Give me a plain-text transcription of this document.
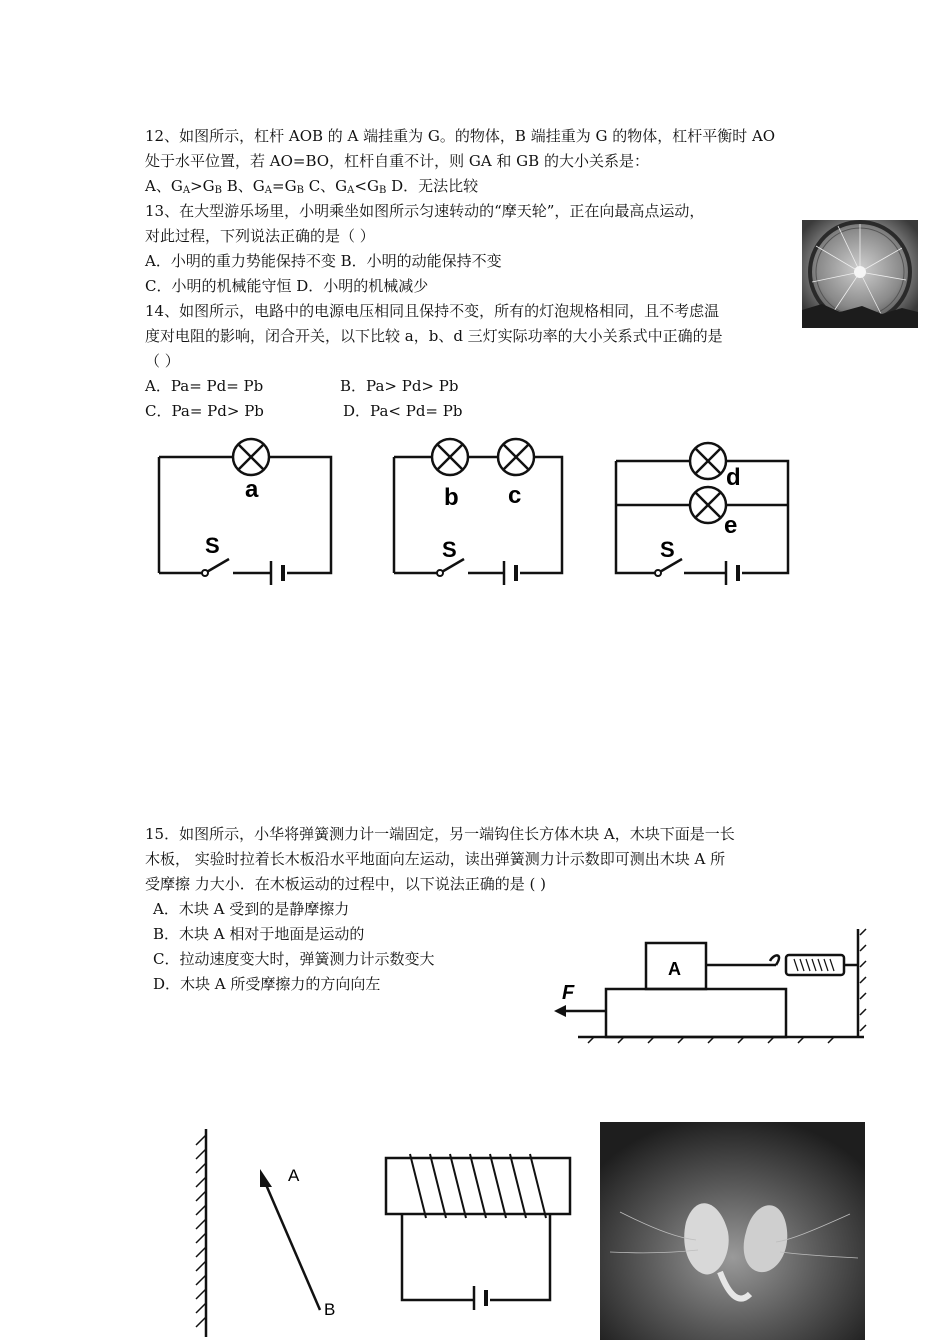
12、如图所示，杠杆 AOB 的 A 端挂重为 G。的物体，B 端挂重为 G 的物体，杠杆平衡时 AO
处于水平位置，若 AO=BO，杠杆自重不计，则 GA 和 GB 的大小关系是：
A、$G_A>G_B$ B、$G_A=G_B$ C、$G_A<G_B$ D．无法比较
13、在大型游乐场里，小明乘坐如图所示匀速转动的“摩天轮”，正在向最高点运动，
对此过程，下列说法正确的是（ ）
A．小明的重力势能保持不变 B．小明的动能保持不变
C．小明的机械能守恒 D．小明的机械减少
14、如图所示，电路中的电源电压相同且保持不变，所有的灯泡规格相同，且不考虑温
度对电阻的影响，闭合开关，以下比较 a，b、d 三灯实际功率的大小关系式中正确的是
（ ）
A．Pa= Pd= Pb	B．Pa> Pd> Pb
C．Pa= Pd> Pb	D．Pa< Pd= Pb
a
S
b c
S
d
e
S
15．如图所示，小华将弹簧测力计一端固定，另一端钩住长方体木块 A，木块下面是一长
木板， 实验时拉着长木板沿水平地面向左运动，读出弹簧测力计示数即可测出木块 A 所
受摩擦 力大小．在木板运动的过程中，以下说法正确的是 ( )
A．木块 A 受到的是静摩擦力
B．木块 A 相对于地面是运动的
C．拉动速度变大时，弹簧测力计示数变大
D．木块 A 所受摩擦力的方向向左
A
F
A
B
